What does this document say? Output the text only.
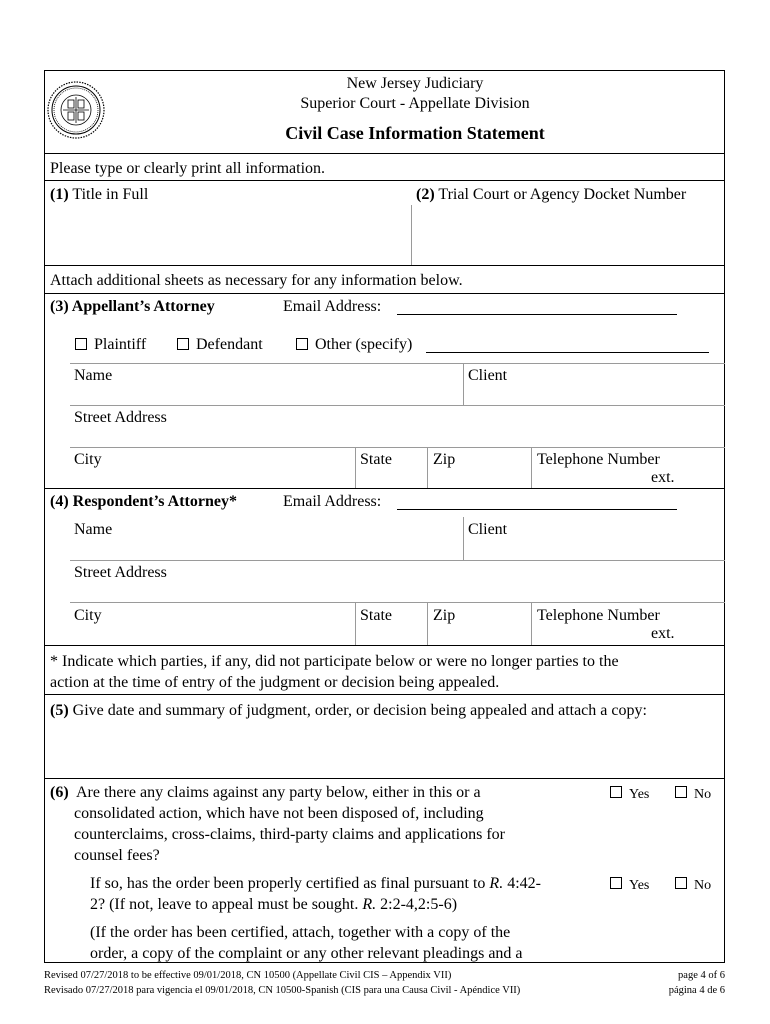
New Jersey Judiciary
Superior Court - Appellate Division
Civil Case Information Statement
Please type or clearly print all information.
(1) Title in Full	(2) Trial Court or Agency Docket Number
Attach additional sheets as necessary for any information below.
(3) Appellant’s Attorney	Email Address:
Plaintiff	Defendant	Other (specify)
Name	Client
Street Address
City	State	Zip	Telephone Number
ext.
(4) Respondent’s Attorney*	Email Address:
Name	Client
Street Address
City	State	Zip	Telephone Number
ext.
* Indicate which parties, if any, did not participate below or were no longer parties to the
action at the time of entry of the judgment or decision being appealed.
(5) Give date and summary of judgment, order, or decision being appealed and attach a copy:
(6) Are there any claims against any party below, either in this or a
consolidated action, which have not been disposed of, including
counterclaims, cross-claims, third-party claims and applications for
counsel fees?
Yes	No
If so, has the order been properly certified as final pursuant to R. 4:42-
2? (If not, leave to appeal must be sought. R. 2:2-4,2:5-6)
Yes	No
(If the order has been certified, attach, together with a copy of the
order, a copy of the complaint or any other relevant pleadings and a
Revised 07/27/2018 to be effective 09/01/2018, CN 10500 (Appellate Civil CIS – Appendix VII)
Revisado 07/27/2018 para vigencia el 09/01/2018, CN 10500-Spanish (CIS para una Causa Civil - Apéndice VII)
page 4 of 6
página 4 de 6
